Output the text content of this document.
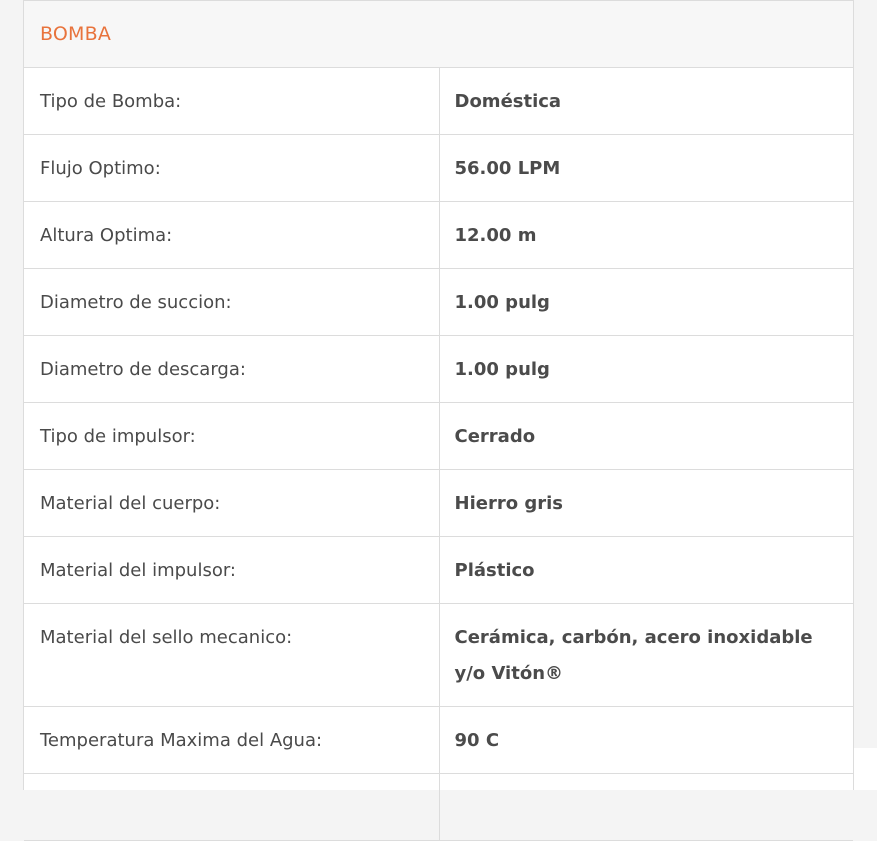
BOMBA
Tipo de Bomba:	Doméstica
Flujo Optimo:	56.00 LPM
Altura Optima:	12.00 m
Diametro de succion:	1.00 pulg
Diametro de descarga:	1.00 pulg
Tipo de impulsor:	Cerrado
Material del cuerpo:	Hierro gris
Material del impulsor:	Plástico
Material del sello mecanico:	Cerámica, carbón, acero inoxidable y/o Vitón®
Temperatura Maxima del Agua:	90 C
